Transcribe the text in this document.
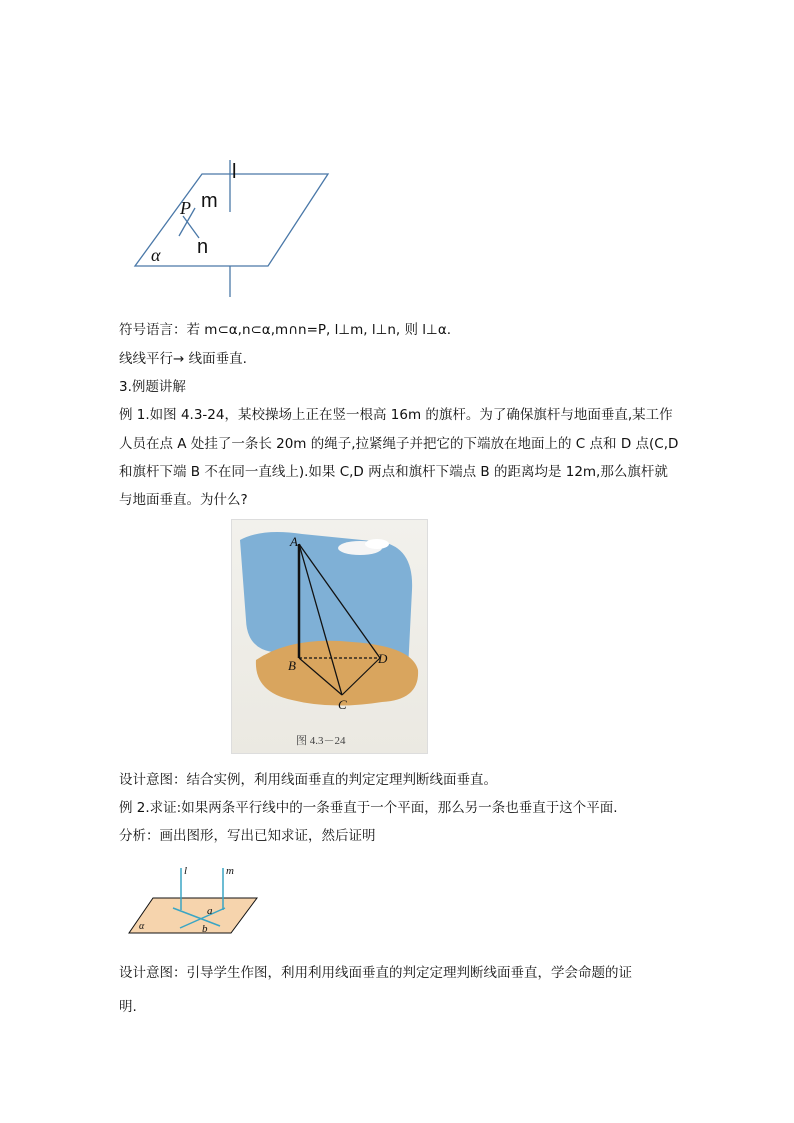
l
m
P
n
α
符号语言：若 m⊂α,n⊂α,m∩n=P, l⊥m, l⊥n, 则 l⊥α.
线线平行→ 线面垂直.
3.例题讲解
例 1.如图 4.3-24，某校操场上正在竖一根高 16m 的旗杆。为了确保旗杆与地面垂直,某工作
人员在点 A 处挂了一条长 20m 的绳子,拉紧绳子并把它的下端放在地面上的 C 点和 D 点(C,D
和旗杆下端 B 不在同一直线上).如果 C,D 两点和旗杆下端点 B 的距离均是 12m,那么旗杆就
与地面垂直。为什么?
A
B	D
C
图 4.3－24
设计意图：结合实例，利用线面垂直的判定定理判断线面垂直。
例 2.求证:如果两条平行线中的一条垂直于一个平面，那么另一条也垂直于这个平面.
分析：画出图形，写出已知求证，然后证明
l	m
a
b
α
设计意图：引导学生作图，利用利用线面垂直的判定定理判断线面垂直，学会命题的证
明.
